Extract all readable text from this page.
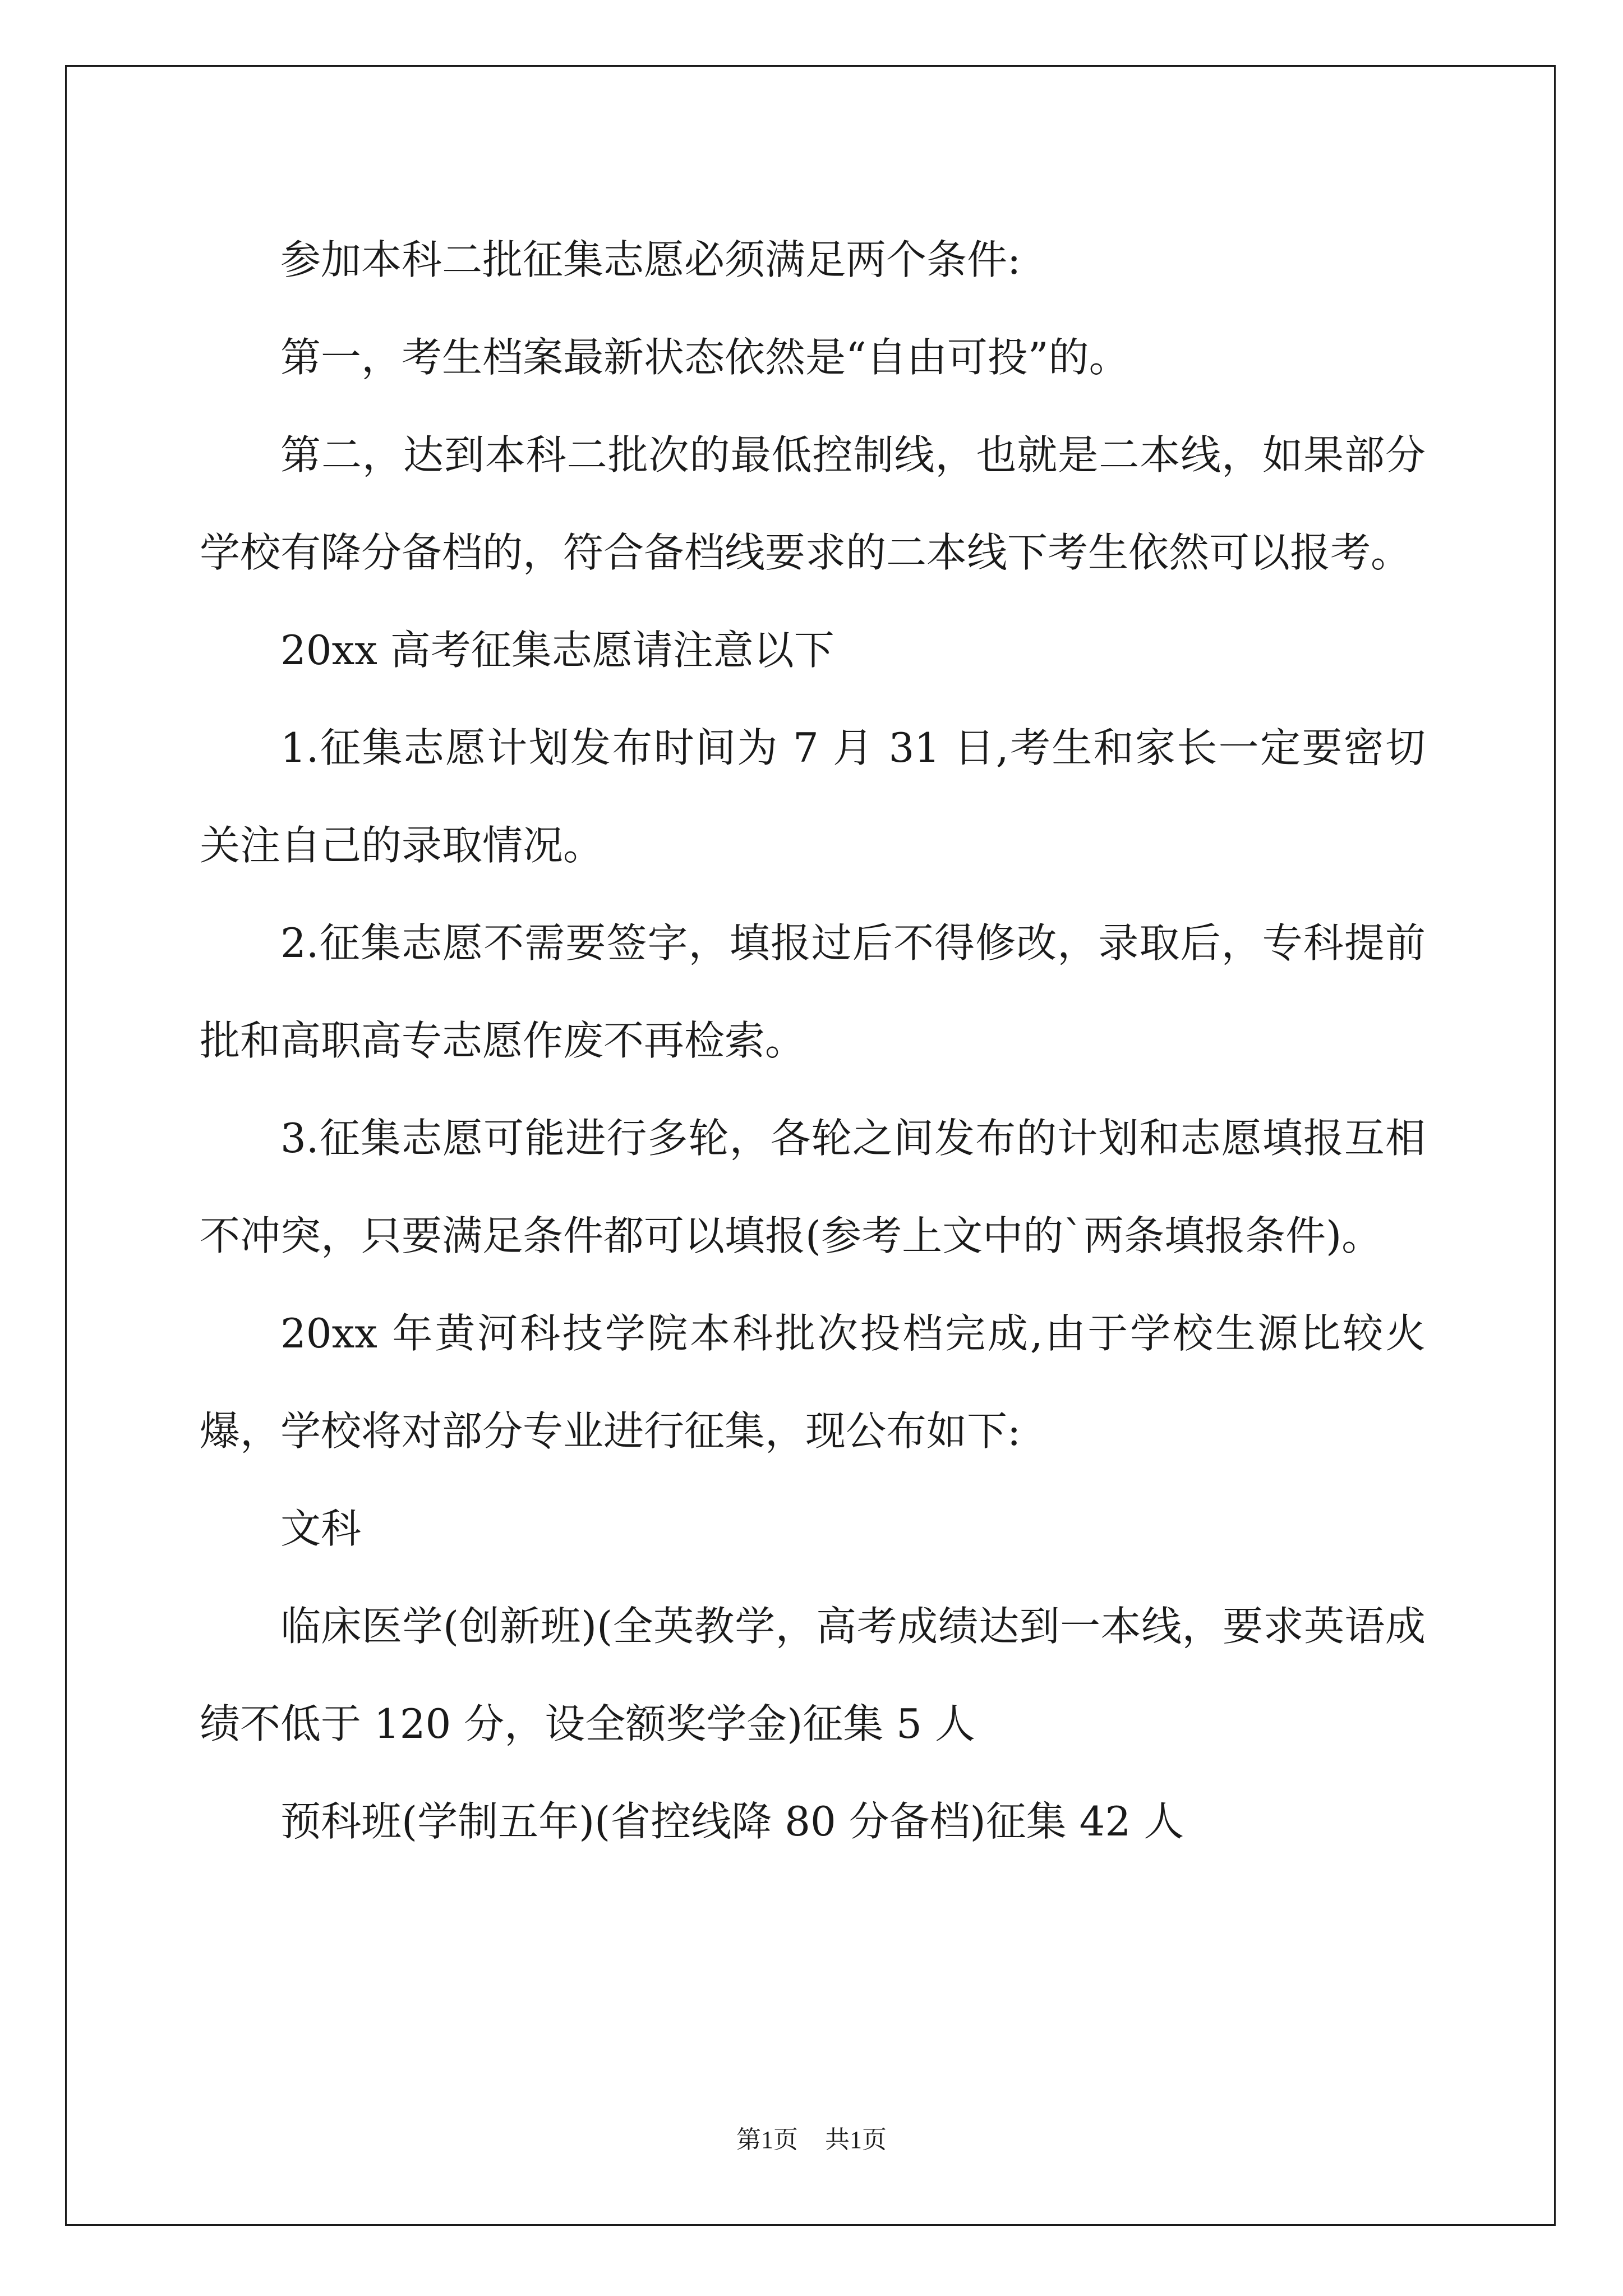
参加本科二批征集志愿必须满足两个条件:

第一，考生档案最新状态依然是“自由可投”的。

第二，达到本科二批次的最低控制线，也就是二本线，如果部分学校有降分备档的，符合备档线要求的二本线下考生依然可以报考。

20xx 高考征集志愿请注意以下

1.征集志愿计划发布时间为 7 月 31 日,考生和家长一定要密切关注自己的录取情况。

2.征集志愿不需要签字，填报过后不得修改，录取后，专科提前批和高职高专志愿作废不再检索。

3.征集志愿可能进行多轮，各轮之间发布的计划和志愿填报互相不冲突，只要满足条件都可以填报(参考上文中的`两条填报条件)。

20xx 年黄河科技学院本科批次投档完成,由于学校生源比较火爆，学校将对部分专业进行征集，现公布如下:

文科

临床医学(创新班)(全英教学，高考成绩达到一本线，要求英语成绩不低于 120 分，设全额奖学金)征集 5 人

预科班(学制五年)(省控线降 80 分备档)征集 42 人

第1页 共1页
